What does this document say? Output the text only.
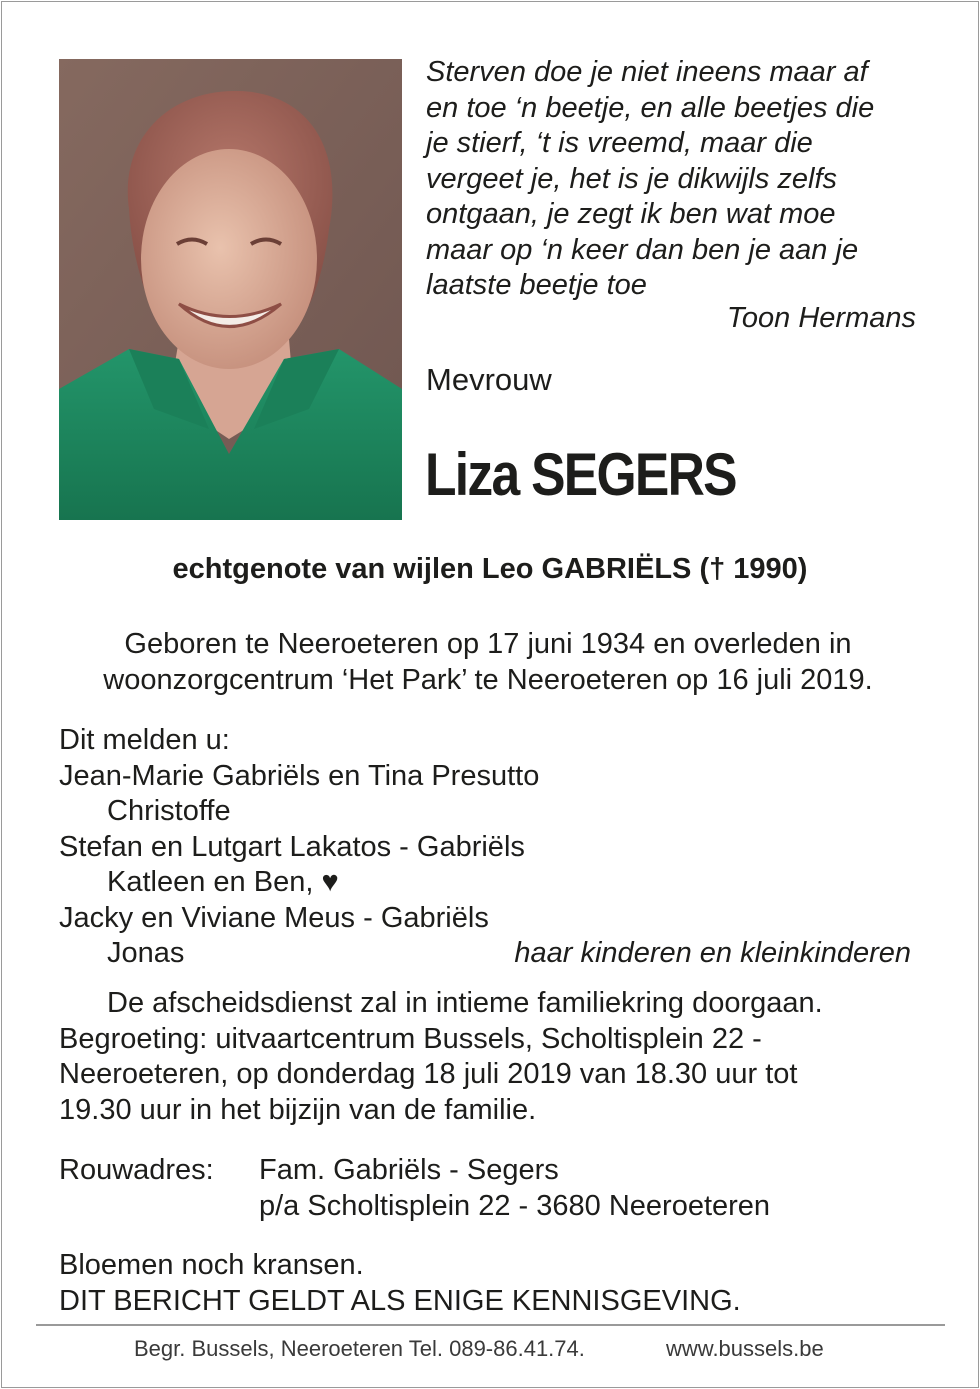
Sterven doe je niet ineens maar af
en toe ‘n beetje, en alle beetjes die
je stierf, ‘t is vreemd, maar die
vergeet je, het is je dikwijls zelfs
ontgaan, je zegt ik ben wat moe
maar op ‘n keer dan ben je aan je
laatste beetje toe
Toon Hermans
Mevrouw
Liza SEGERS
echtgenote van wijlen Leo GABRIËLS († 1990)
Geboren te Neeroeteren op 17 juni 1934 en overleden in
woonzorgcentrum ‘Het Park’ te Neeroeteren op 16 juli 2019.
Dit melden u:
Jean-Marie Gabriëls en Tina Presutto
Christoffe
Stefan en Lutgart Lakatos - Gabriëls
Katleen en Ben, ♥
Jacky en Viviane Meus - Gabriëls
Jonas	haar kinderen en kleinkinderen
De afscheidsdienst zal in intieme familiekring doorgaan.
Begroeting: uitvaartcentrum Bussels, Scholtisplein 22 -
Neeroeteren, op donderdag 18 juli 2019 van 18.30 uur tot
19.30 uur in het bijzijn van de familie.
Rouwadres: Fam. Gabriëls - Segers
p/a Scholtisplein 22 - 3680 Neeroeteren
Bloemen noch kransen.
DIT BERICHT GELDT ALS ENIGE KENNISGEVING.
Begr. Bussels, Neeroeteren Tel. 089-86.41.74.	www.bussels.be
